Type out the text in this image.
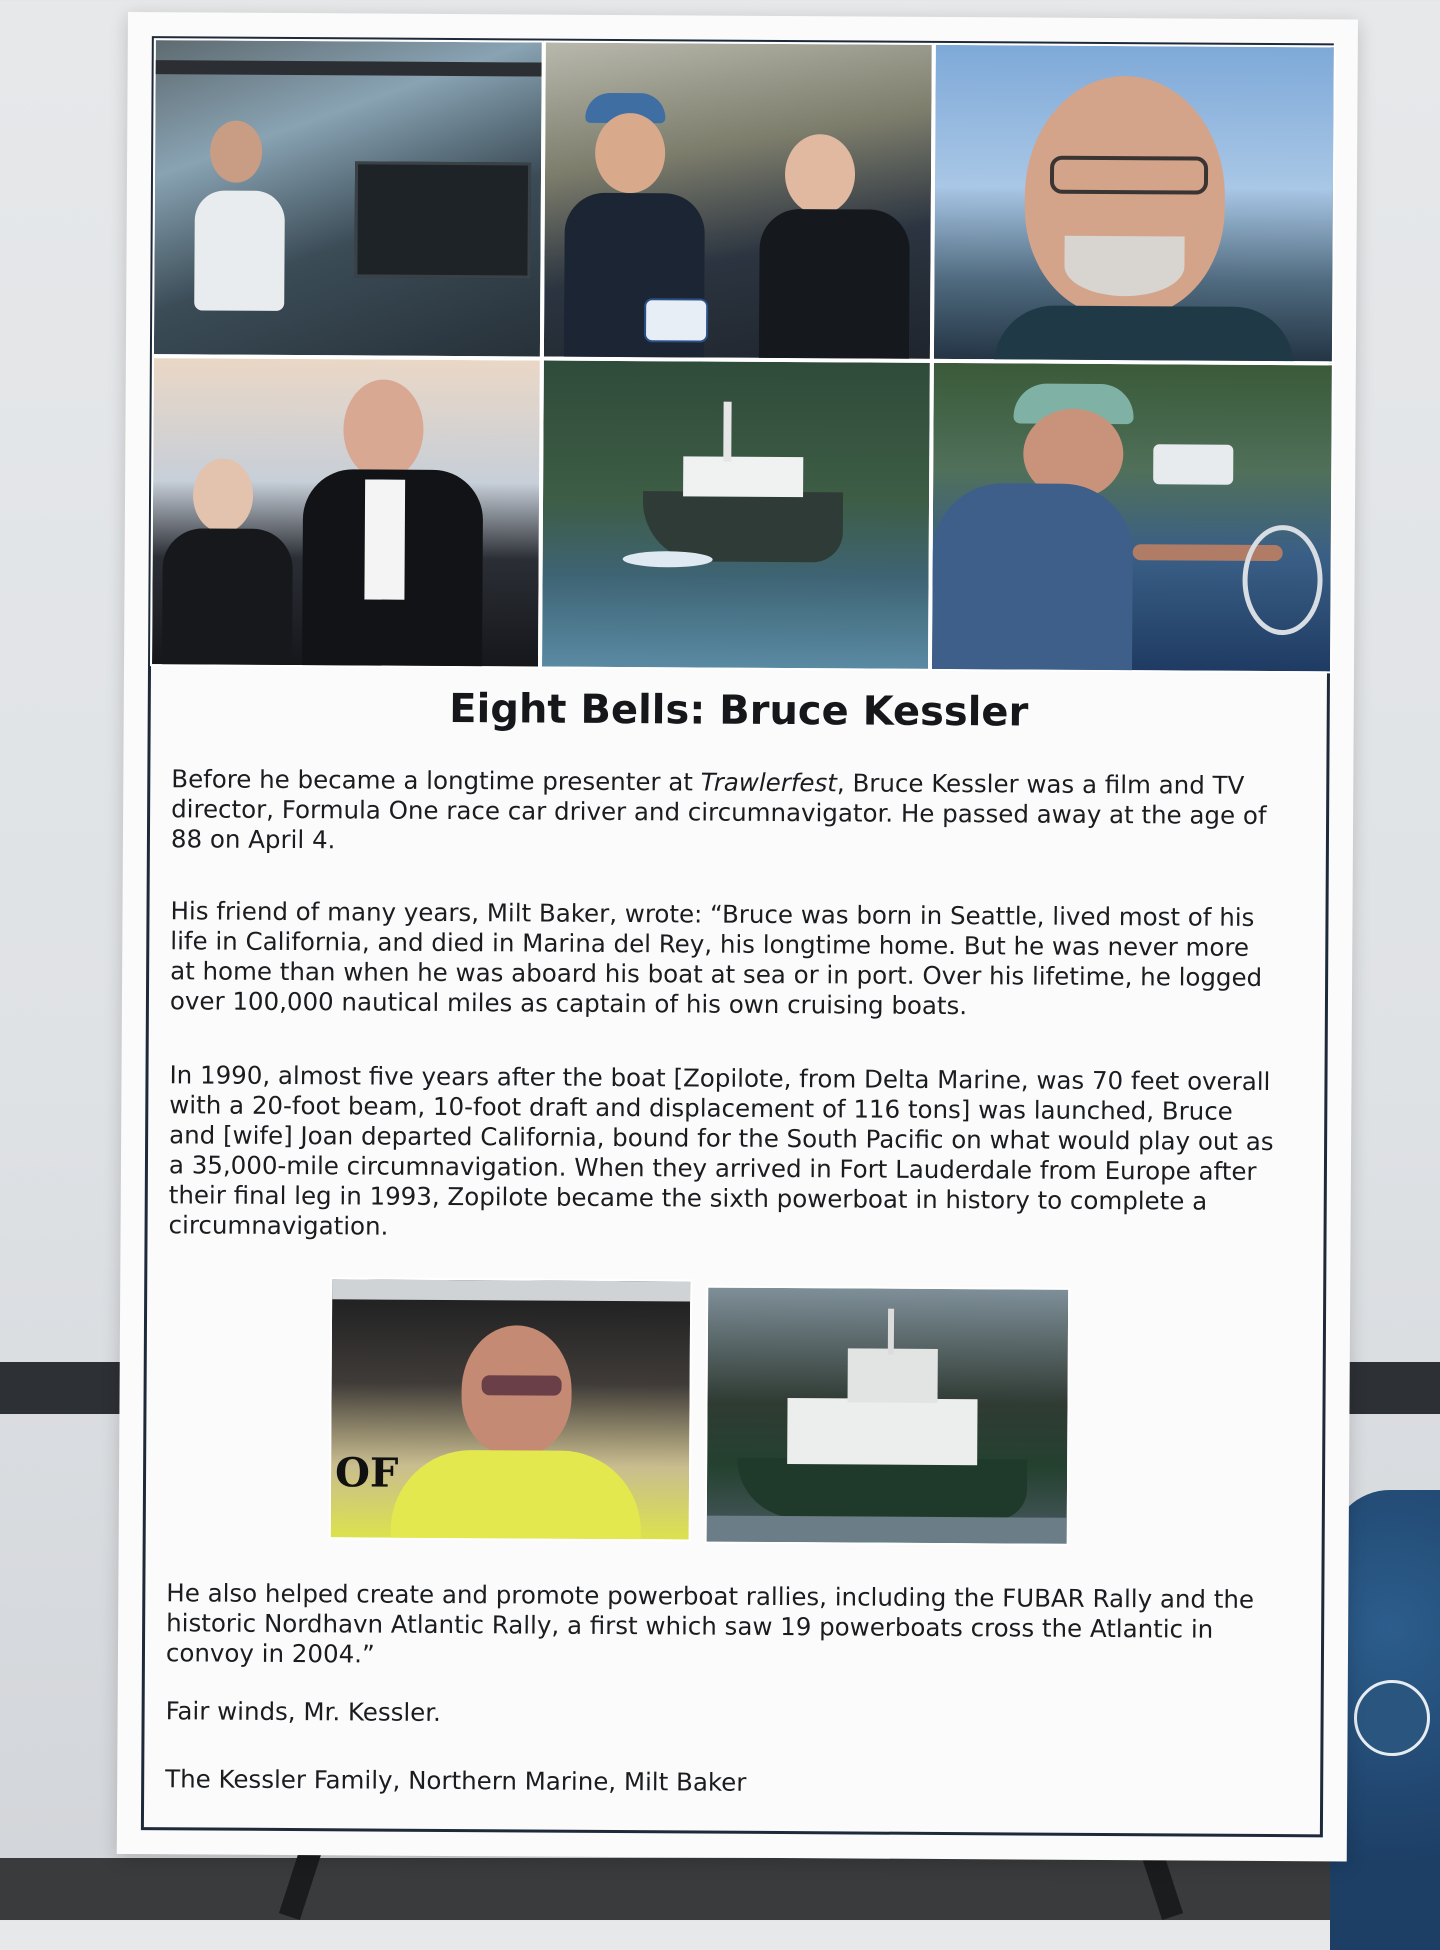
Eight Bells: Bruce Kessler

Before he became a longtime presenter at Trawlerfest, Bruce Kessler was a film and TV director, Formula One race car driver and circumnavigator. He passed away at the age of 88 on April 4.

His friend of many years, Milt Baker, wrote: “Bruce was born in Seattle, lived most of his life in California, and died in Marina del Rey, his longtime home. But he was never more at home than when he was aboard his boat at sea or in port. Over his lifetime, he logged over 100,000 nautical miles as captain of his own cruising boats.

In 1990, almost five years after the boat [Zopilote, from Delta Marine, was 70 feet overall with a 20-foot beam, 10-foot draft and displacement of 116 tons] was launched, Bruce and [wife] Joan departed California, bound for the South Pacific on what would play out as a 35,000-mile circumnavigation. When they arrived in Fort Lauderdale from Europe after their final leg in 1993, Zopilote became the sixth powerboat in history to complete a circumnavigation.

OF

He also helped create and promote powerboat rallies, including the FUBAR Rally and the historic Nordhavn Atlantic Rally, a first which saw 19 powerboats cross the Atlantic in convoy in 2004.”

Fair winds, Mr. Kessler.

The Kessler Family, Northern Marine, Milt Baker
